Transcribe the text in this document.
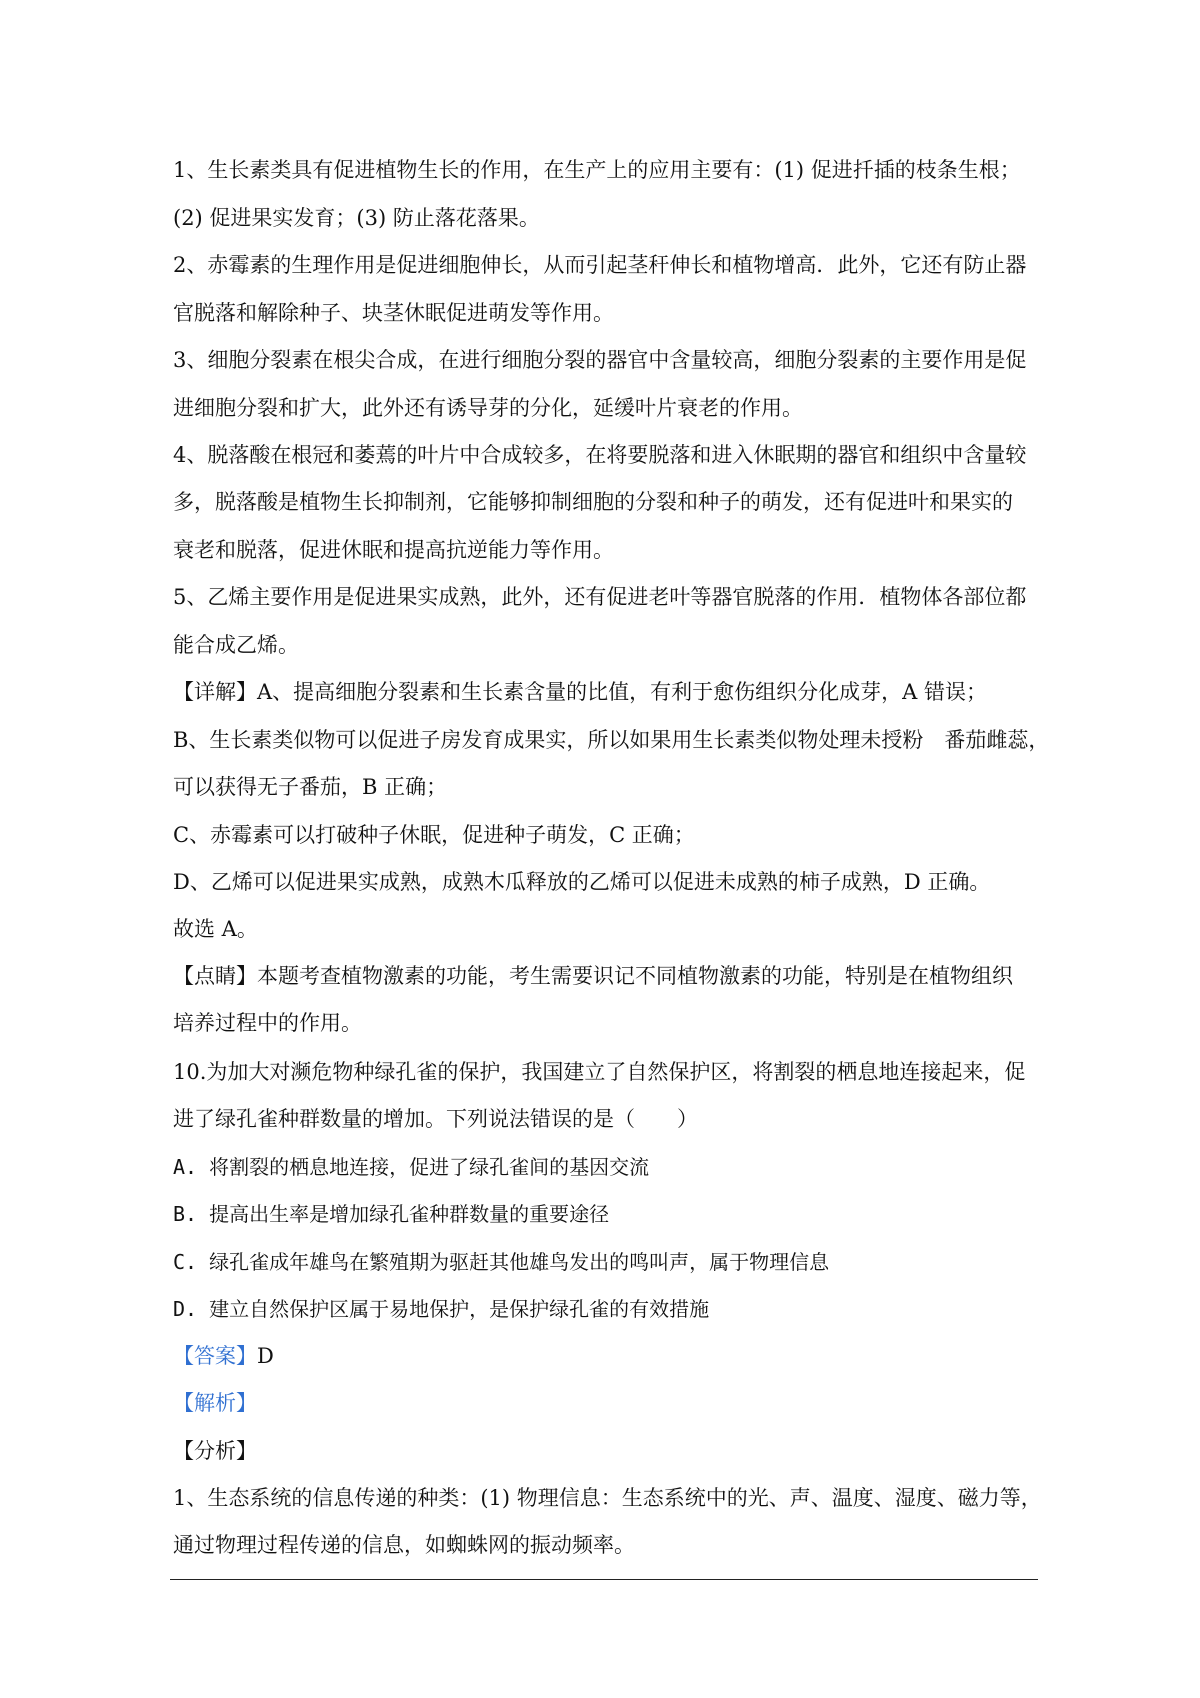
1、生长素类具有促进植物生长的作用，在生产上的应用主要有：(1) 促进扦插的枝条生根；
(2) 促进果实发育；(3) 防止落花落果。
2、赤霉素的生理作用是促进细胞伸长，从而引起茎秆伸长和植物增高．此外，它还有防止器
官脱落和解除种子、块茎休眠促进萌发等作用。
3、细胞分裂素在根尖合成，在进行细胞分裂的器官中含量较高，细胞分裂素的主要作用是促
进细胞分裂和扩大，此外还有诱导芽的分化，延缓叶片衰老的作用。
4、脱落酸在根冠和萎蔫的叶片中合成较多，在将要脱落和进入休眠期的器官和组织中含量较
多，脱落酸是植物生长抑制剂，它能够抑制细胞的分裂和种子的萌发，还有促进叶和果实的
衰老和脱落，促进休眠和提高抗逆能力等作用。
5、乙烯主要作用是促进果实成熟，此外，还有促进老叶等器官脱落的作用．植物体各部位都
能合成乙烯。
【详解】A、提高细胞分裂素和生长素含量的比值，有利于愈伤组织分化成芽，A 错误；
B、生长素类似物可以促进子房发育成果实，所以如果用生长素类似物处理未授粉　番茄雌蕊，
可以获得无子番茄，B 正确；
C、赤霉素可以打破种子休眠，促进种子萌发，C 正确；
D、乙烯可以促进果实成熟，成熟木瓜释放的乙烯可以促进未成熟的柿子成熟，D 正确。
故选 A。
【点睛】本题考查植物激素的功能，考生需要识记不同植物激素的功能，特别是在植物组织
培养过程中的作用。
10.为加大对濒危物种绿孔雀的保护，我国建立了自然保护区，将割裂的栖息地连接起来，促
进了绿孔雀种群数量的增加。下列说法错误的是（　　）
A. 将割裂的栖息地连接，促进了绿孔雀间的基因交流
B. 提高出生率是增加绿孔雀种群数量的重要途径
C. 绿孔雀成年雄鸟在繁殖期为驱赶其他雄鸟发出的鸣叫声，属于物理信息
D. 建立自然保护区属于易地保护，是保护绿孔雀的有效措施
【答案】D
【解析】
【分析】
1、生态系统的信息传递的种类：(1) 物理信息：生态系统中的光、声、温度、湿度、磁力等，
通过物理过程传递的信息，如蜘蛛网的振动频率。
